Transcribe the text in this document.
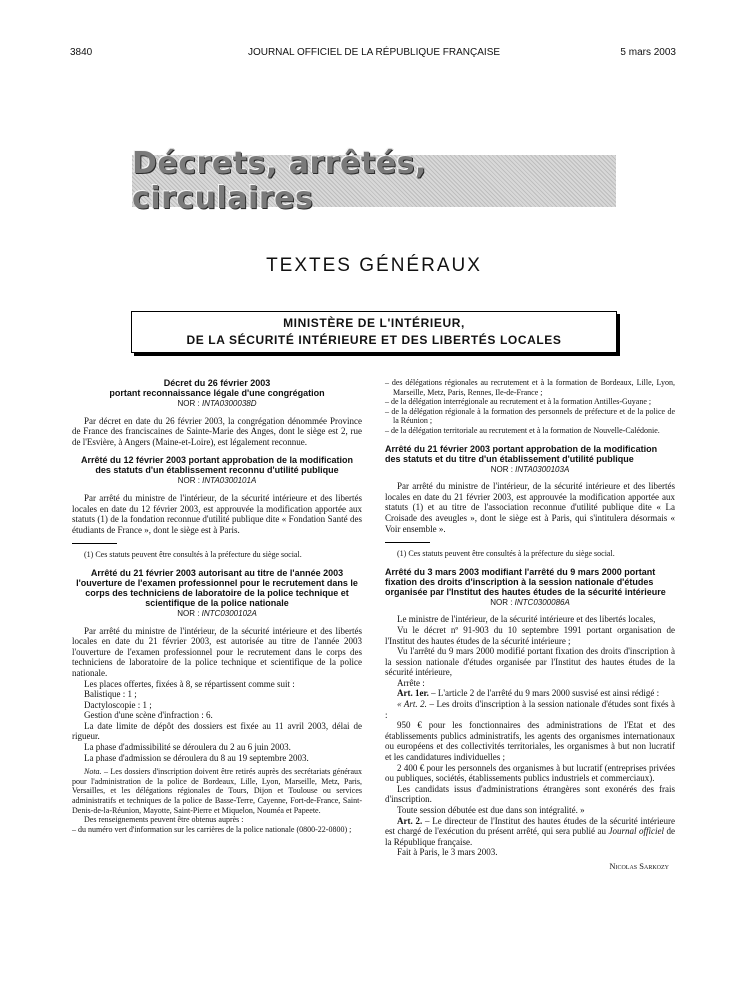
3840	JOURNAL OFFICIEL DE LA RÉPUBLIQUE FRANÇAISE	5 mars 2003
Décrets, arrêtés, circulaires
TEXTES GÉNÉRAUX
MINISTÈRE DE L'INTÉRIEUR,
DE LA SÉCURITÉ INTÉRIEURE ET DES LIBERTÉS LOCALES
Décret du 26 février 2003
portant reconnaissance légale d'une congrégation
NOR : INTA0300038D

Par décret en date du 26 février 2003, la congrégation dénommée Province de France des franciscaines de Sainte-Marie des Anges, dont le siège est 2, rue de l'Esvière, à Angers (Maine-et-Loire), est légalement reconnue.

Arrêté du 12 février 2003 portant approbation de la modification des statuts d'un établissement reconnu d'utilité publique
NOR : INTA0300101A

Par arrêté du ministre de l'intérieur, de la sécurité intérieure et des libertés locales en date du 12 février 2003, est approuvée la modification apportée aux statuts (1) de la fondation reconnue d'utilité publique dite « Fondation Santé des étudiants de France », dont le siège est à Paris.

(1) Ces statuts peuvent être consultés à la préfecture du siège social.

Arrêté du 21 février 2003 autorisant au titre de l'année 2003 l'ouverture de l'examen professionnel pour le recrutement dans le corps des techniciens de laboratoire de la police technique et scientifique de la police nationale
NOR : INTC0300102A

Par arrêté du ministre de l'intérieur, de la sécurité intérieure et des libertés locales en date du 21 février 2003, est autorisée au titre de l'année 2003 l'ouverture de l'examen professionnel pour le recrutement dans le corps des techniciens de laboratoire de la police technique et scientifique de la police nationale.

Les places offertes, fixées à 8, se répartissent comme suit :

Balistique : 1 ;

Dactyloscopie : 1 ;

Gestion d'une scène d'infraction : 6.

La date limite de dépôt des dossiers est fixée au 11 avril 2003, délai de rigueur.

La phase d'admissibilité se déroulera du 2 au 6 juin 2003.

La phase d'admission se déroulera du 8 au 19 septembre 2003.

Nota. – Les dossiers d'inscription doivent être retirés auprès des secrétariats généraux pour l'administration de la police de Bordeaux, Lille, Lyon, Marseille, Metz, Paris, Versailles, et les délégations régionales de Tours, Dijon et Toulouse ou services administratifs et techniques de la police de Basse-Terre, Cayenne, Fort-de-France, Saint-Denis-de-la-Réunion, Mayotte, Saint-Pierre et Miquelon, Nouméa et Papeete.

Des renseignements peuvent être obtenus auprès :

– du numéro vert d'information sur les carrières de la police nationale (0800-22-0800) ;

– des délégations régionales au recrutement et à la formation de Bordeaux, Lille, Lyon, Marseille, Metz, Paris, Rennes, Ile-de-France ;

– de la délégation interrégionale au recrutement et à la formation Antilles-Guyane ;

– de la délégation régionale à la formation des personnels de préfecture et de la police de la Réunion ;

– de la délégation territoriale au recrutement et à la formation de Nouvelle-Calédonie.

Arrêté du 21 février 2003 portant approbation de la modification des statuts et du titre d'un établissement d'utilité publique
NOR : INTA0300103A

Par arrêté du ministre de l'intérieur, de la sécurité intérieure et des libertés locales en date du 21 février 2003, est approuvée la modification apportée aux statuts (1) et au titre de l'association reconnue d'utilité publique dite « La Croisade des aveugles », dont le siège est à Paris, qui s'intitulera désormais « Voir ensemble ».

(1) Ces statuts peuvent être consultés à la préfecture du siège social.

Arrêté du 3 mars 2003 modifiant l'arrêté du 9 mars 2000 portant fixation des droits d'inscription à la session nationale d'études organisée par l'Institut des hautes études de la sécurité intérieure
NOR : INTC0300086A

Le ministre de l'intérieur, de la sécurité intérieure et des libertés locales,

Vu le décret nº 91-903 du 10 septembre 1991 portant organisation de l'Institut des hautes études de la sécurité intérieure ;

Vu l'arrêté du 9 mars 2000 modifié portant fixation des droits d'inscription à la session nationale d'études organisée par l'Institut des hautes études de la sécurité intérieure,

Arrête :

Art. 1er. – L'article 2 de l'arrêté du 9 mars 2000 susvisé est ainsi rédigé :

« Art. 2. – Les droits d'inscription à la session nationale d'études sont fixés à :

950 € pour les fonctionnaires des administrations de l'Etat et des établissements publics administratifs, les agents des organismes internationaux ou européens et des collectivités territoriales, les organismes à but non lucratif et les candidatures individuelles ;

2 400 € pour les personnels des organismes à but lucratif (entreprises privées ou publiques, sociétés, établissements publics industriels et commerciaux).

Les candidats issus d'administrations étrangères sont exonérés des frais d'inscription.

Toute session débutée est due dans son intégralité. »

Art. 2. – Le directeur de l'Institut des hautes études de la sécurité intérieure est chargé de l'exécution du présent arrêté, qui sera publié au Journal officiel de la République française.

Fait à Paris, le 3 mars 2003.

Nicolas Sarkozy
